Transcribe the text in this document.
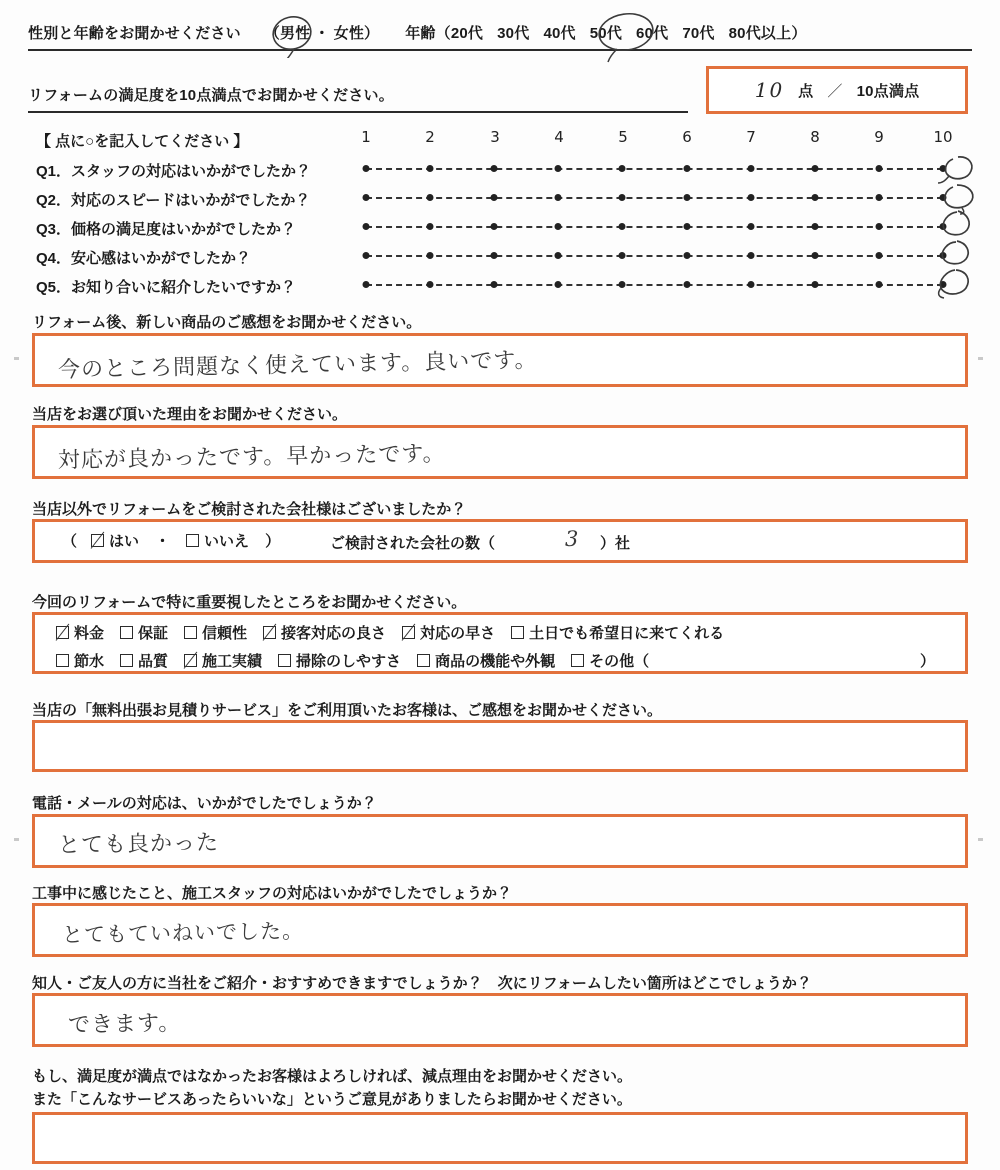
性別と年齢をお聞かせください （ 男性 ・ 女性 ） 年齢（ 20代 30代 40代 50代 60代 70代 80代以上 ）
リフォームの満足度を10点満点でお聞かせください。	10 点 ／ 10点満点
【 点に○を記入してください 】	1	2	3	4	5	6	7	8	9	10
Q1．スタッフの対応はいかがでしたか？
Q2．対応のスピードはいかがでしたか？
Q3．価格の満足度はいかがでしたか？
Q4．安心感はいかがでしたか？
Q5．お知り合いに紹介したいですか？
リフォーム後、新しい商品のご感想をお聞かせください。
今のところ問題なく使えています。良いです。
当店をお選び頂いた理由をお聞かせください。
対応が良かったです。早かったです。
当店以外でリフォームをご検討された会社様はございましたか？
（ はい ・ いいえ ）	ご検討された会社の数（	3 ）社
今回のリフォームで特に重要視したところをお聞かせください。
料金 保証 信頼性 接客対応の良さ 対応の早さ 土日でも希望日に来てくれる
節水 品質 施工実績 掃除のしやすさ 商品の機能や外観 その他（	）
当店の「無料出張お見積りサービス」をご利用頂いたお客様は、ご感想をお聞かせください。
電話・メールの対応は、いかがでしたでしょうか？
とても良かった
工事中に感じたこと、施工スタッフの対応はいかがでしたでしょうか？
とてもていねいでした。
知人・ご友人の方に当社をご紹介・おすすめできますでしょうか？　次にリフォームしたい箇所はどこでしょうか？
できます。
もし、満足度が満点ではなかったお客様はよろしければ、減点理由をお聞かせください。
また「こんなサービスあったらいいな」というご意見がありましたらお聞かせください。
